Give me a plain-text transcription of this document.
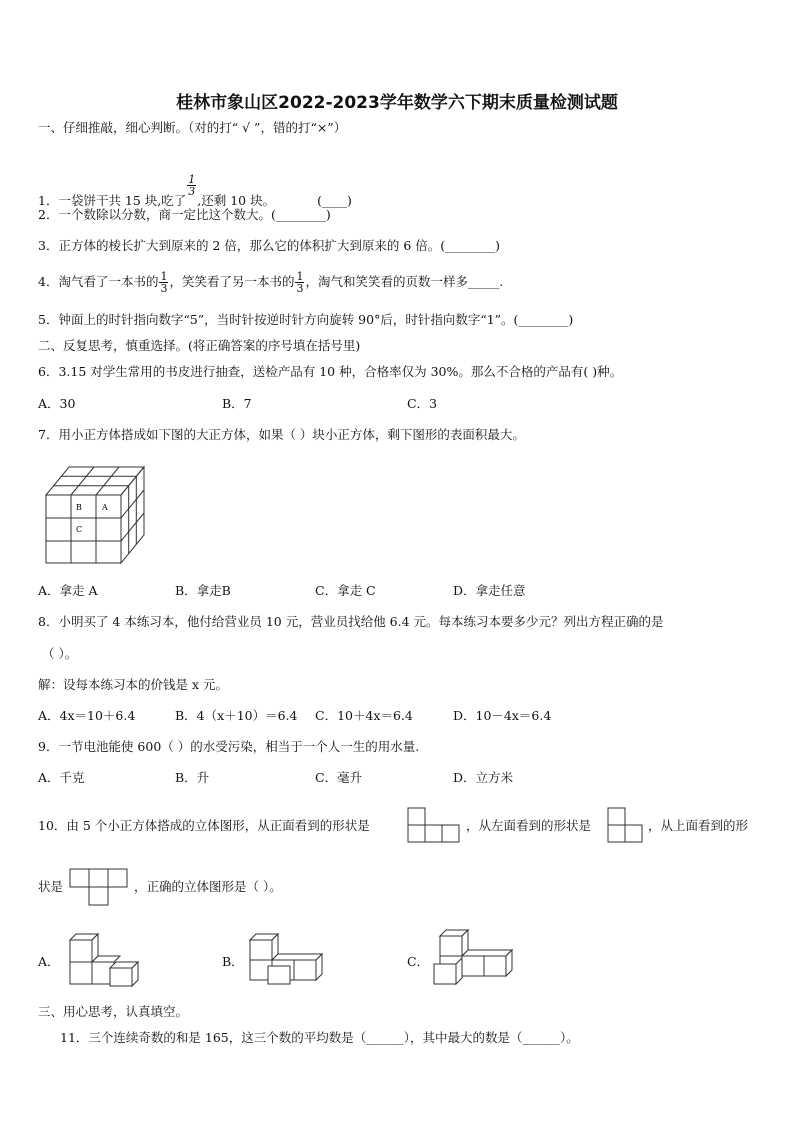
桂林市象山区2022-2023学年数学六下期末质量检测试题
一、仔细推敲，细心判断。（对的打“ √ ”，错的打“×”）
1．一袋饼干共 15 块,吃了
$\frac{1}{3}$
,还剩 10 块。	(____)
2．一个数除以分数，商一定比这个数大。(________)
3．正方体的棱长扩大到原来的 2 倍，那么它的体积扩大到原来的 6 倍。(________)
4．淘气看了一本书的 $\frac{1}{3}$ ，笑笑看了另一本书的 $\frac{1}{3}$ ，淘气和笑笑看的页数一样多_____.
5．钟面上的时针指向数字“5”，当时针按逆时针方向旋转 90°后，时针指向数字“1”。(________)
二、反复思考，慎重选择。(将正确答案的序号填在括号里)
6．3.15 对学生常用的书皮进行抽查，送检产品有 10 种，合格率仅为 30%。那么不合格的产品有( )种。
A．30	B．7	C．3
7．用小正方体搭成如下图的大正方体，如果（ ）块小正方体，剩下图形的表面积最大。
B	A
C
A．拿走 A	B．拿走B	C．拿走 C	D．拿走任意
8．小明买了 4 本练习本，他付给营业员 10 元，营业员找给他 6.4 元。每本练习本要多少元？列出方程正确的是
（ ）。
解：设每本练习本的价钱是 x 元。
A．4x＝10＋6.4	B．4（x＋10）＝6.4 C．10＋4x＝6.4	D．10－4x＝6.4
9．一节电池能使 600（ ）的水受污染，相当于一个人一生的用水量.
A．千克	B．升	C．毫升	D．立方米
10．由 5 个小正方体搭成的立体图形，从正面看到的形状是	，从左面看到的形状是	，从上面看到的形
状是	，正确的立体图形是（ ）。
A．	B．	C．
三、用心思考，认真填空。
11．三个连续奇数的和是 165，这三个数的平均数是（______），其中最大的数是（______）。
